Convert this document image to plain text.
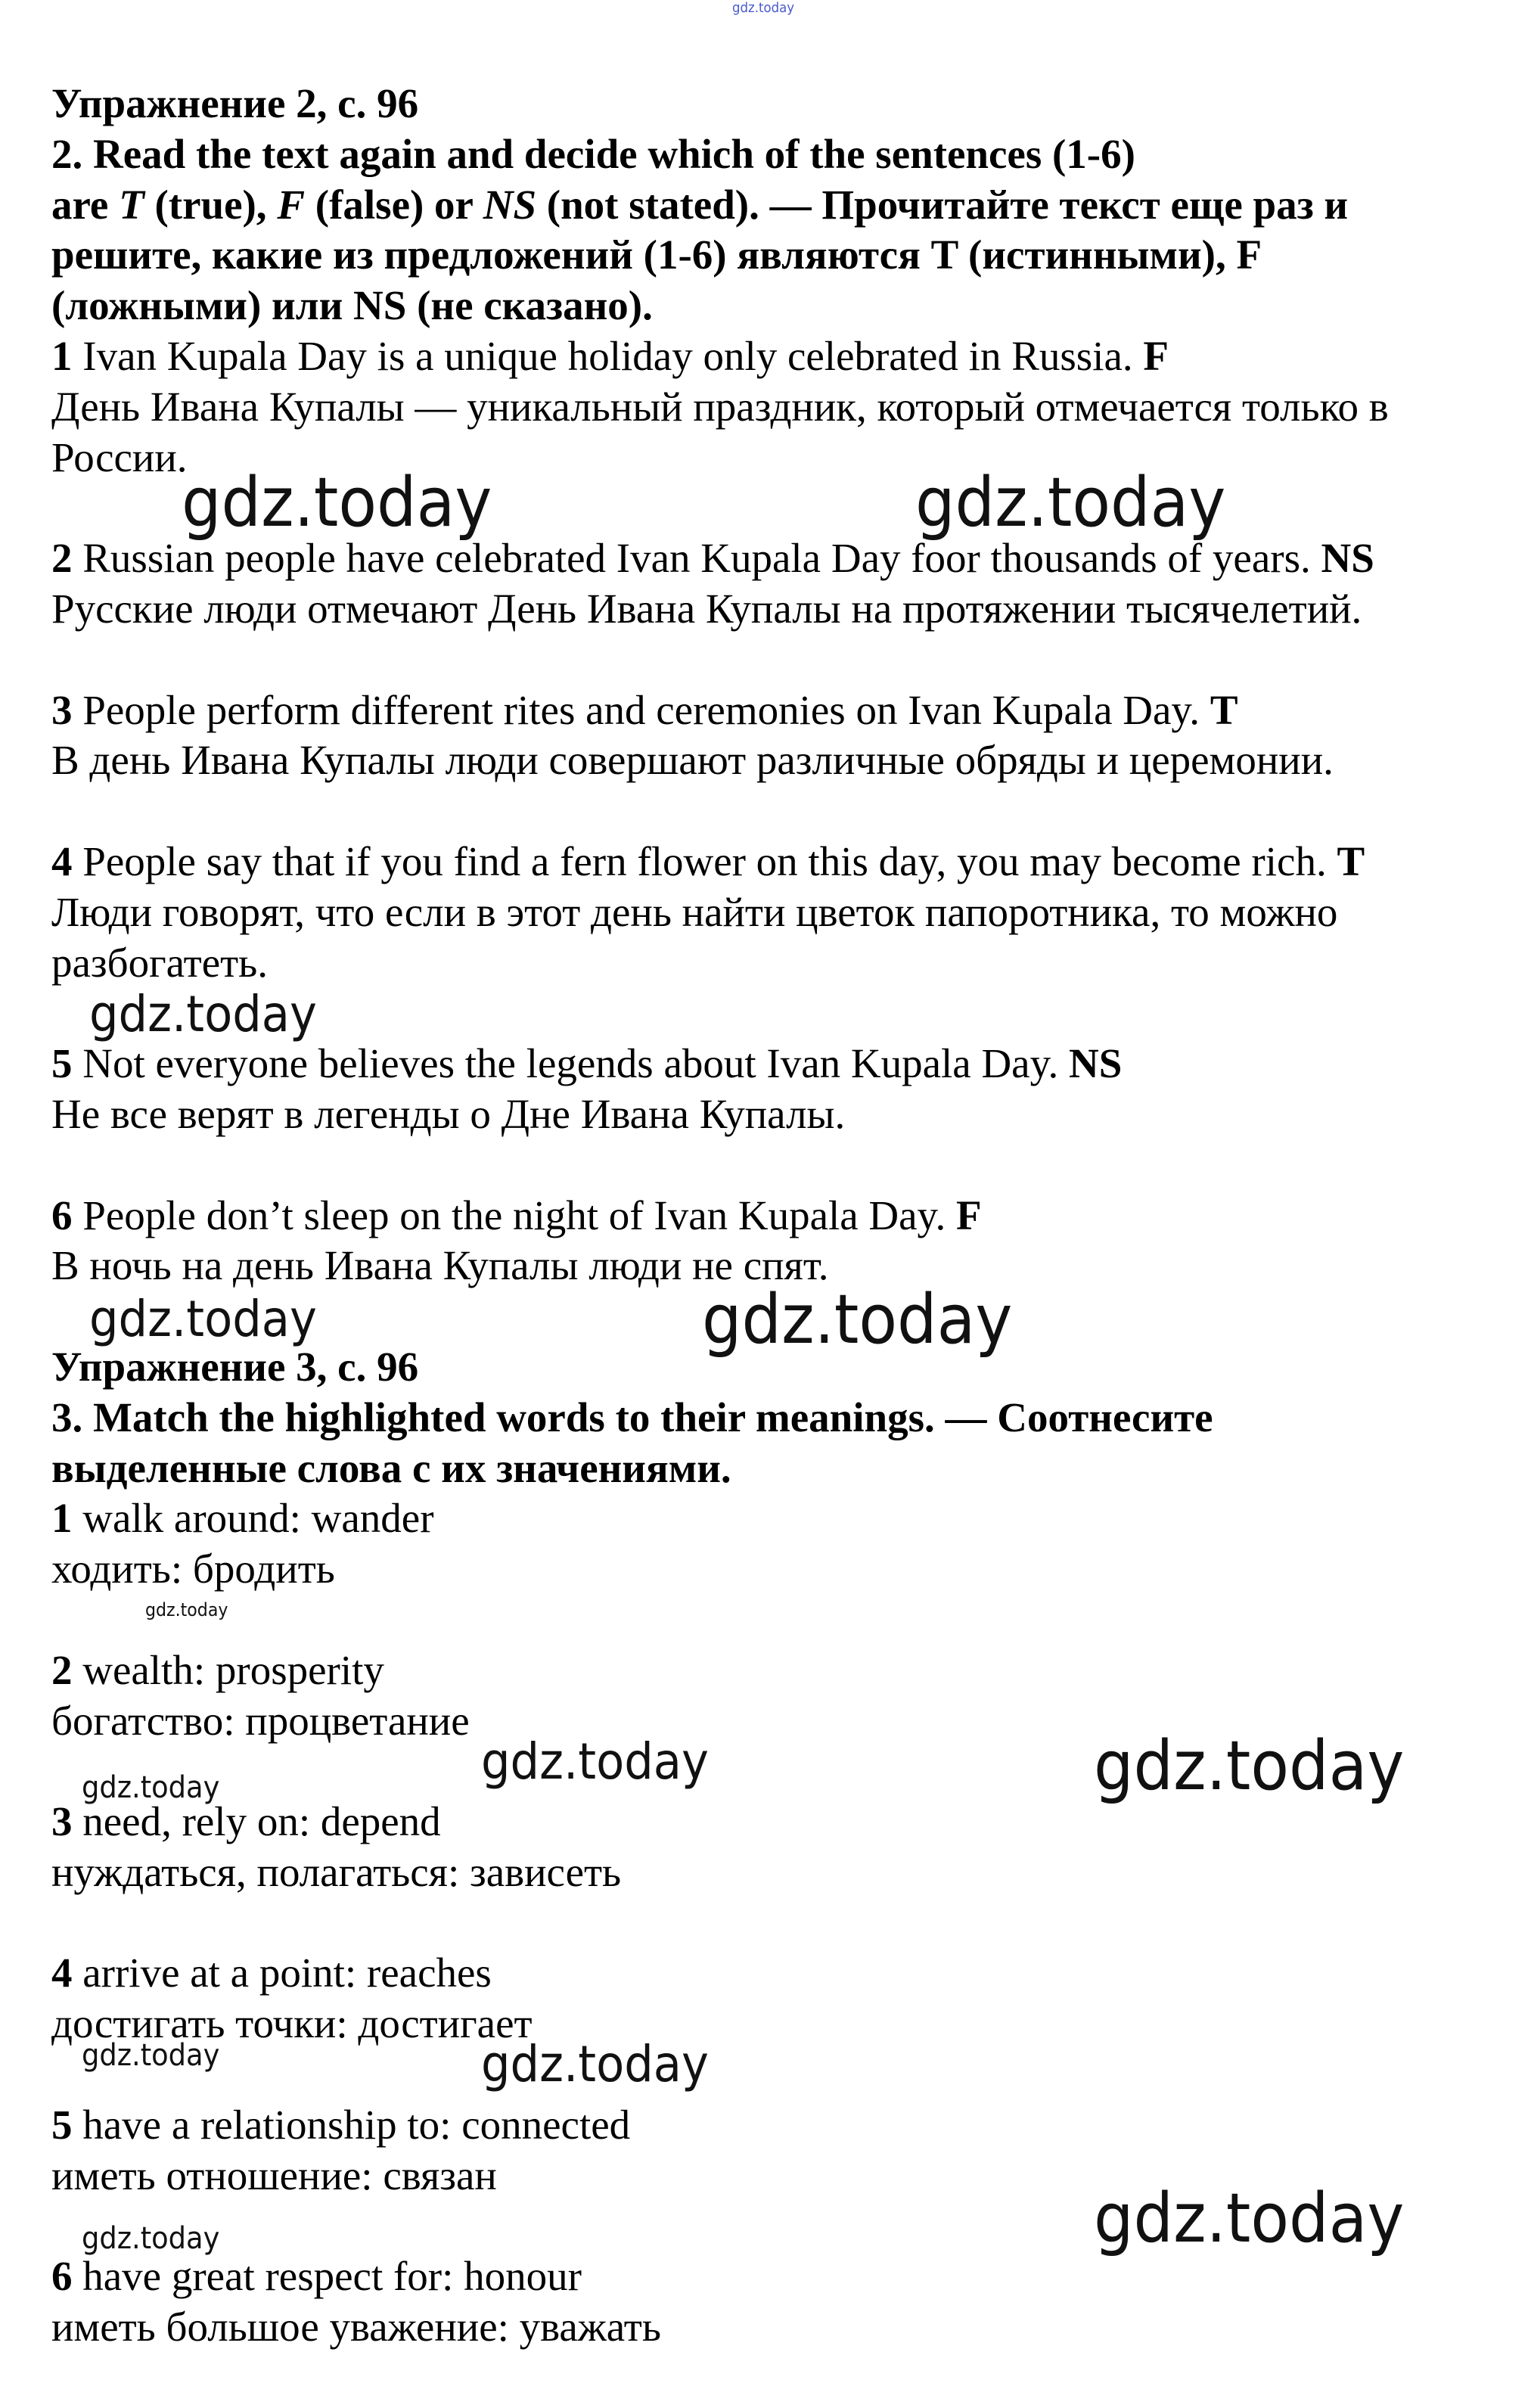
gdz.today
Упражнение 2, с. 96
2. Read the text again and decide which of the sentences (1-6)
are T (true), F (false) or NS (not stated). — Прочитайте текст еще раз и
решите, какие из предложений (1-6) являются T (истинными), F
(ложными) или NS (не сказано).
1 Ivan Kupala Day is a unique holiday only celebrated in Russia. F
День Ивана Купалы — уникальный праздник, который отмечается только в
России.
2 Russian people have celebrated Ivan Kupala Day foor thousands of years. NS
Русские люди отмечают День Ивана Купалы на протяжении тысячелетий.
3 People perform different rites and ceremonies on Ivan Kupala Day. T
В день Ивана Купалы люди совершают различные обряды и церемонии.
4 People say that if you find a fern flower on this day, you may become rich. T
Люди говорят, что если в этот день найти цветок папоротника, то можно
разбогатеть.
5 Not everyone believes the legends about Ivan Kupala Day. NS
Не все верят в легенды о Дне Ивана Купалы.
6 People don’t sleep on the night of Ivan Kupala Day. F
В ночь на день Ивана Купалы люди не спят.
Упражнение 3, с. 96
3. Match the highlighted words to their meanings. — Соотнесите
выделенные слова с их значениями.
1 walk around: wander
ходить: бродить
2 wealth: prosperity
богатство: процветание
3 need, rely on: depend
нуждаться, полагаться: зависеть
4 arrive at a point: reaches
достигать точки: достигает
5 have a relationship to: connected
иметь отношение: связан
6 have great respect for: honour
иметь большое уважение: уважать
gdz.today	gdz.today
gdz.today
gdz.today	gdz.today
gdz.today
gdz.today
gdz.today	gdz.today
gdz.today	gdz.today
gdz.today	gdz.today
